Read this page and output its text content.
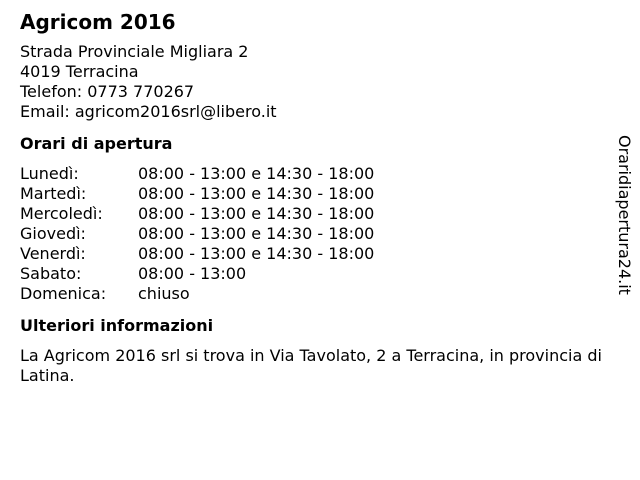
Agricom 2016
Strada Provinciale Migliara 2
4019 Terracina
Telefon: 0773 770267
Email: agricom2016srl@libero.it
Orari di apertura
Lunedì:	08:00 - 13:00 e 14:30 - 18:00
Martedì:	08:00 - 13:00 e 14:30 - 18:00
Mercoledì: 08:00 - 13:00 e 14:30 - 18:00
Giovedì:	08:00 - 13:00 e 14:30 - 18:00
Venerdì:	08:00 - 13:00 e 14:30 - 18:00
Sabato:	08:00 - 13:00
Domenica: chiuso
Ulteriori informazioni
La Agricom 2016 srl si trova in Via Tavolato, 2 a Terracina, in provincia di Latina.
Oraridiapertura24.it
